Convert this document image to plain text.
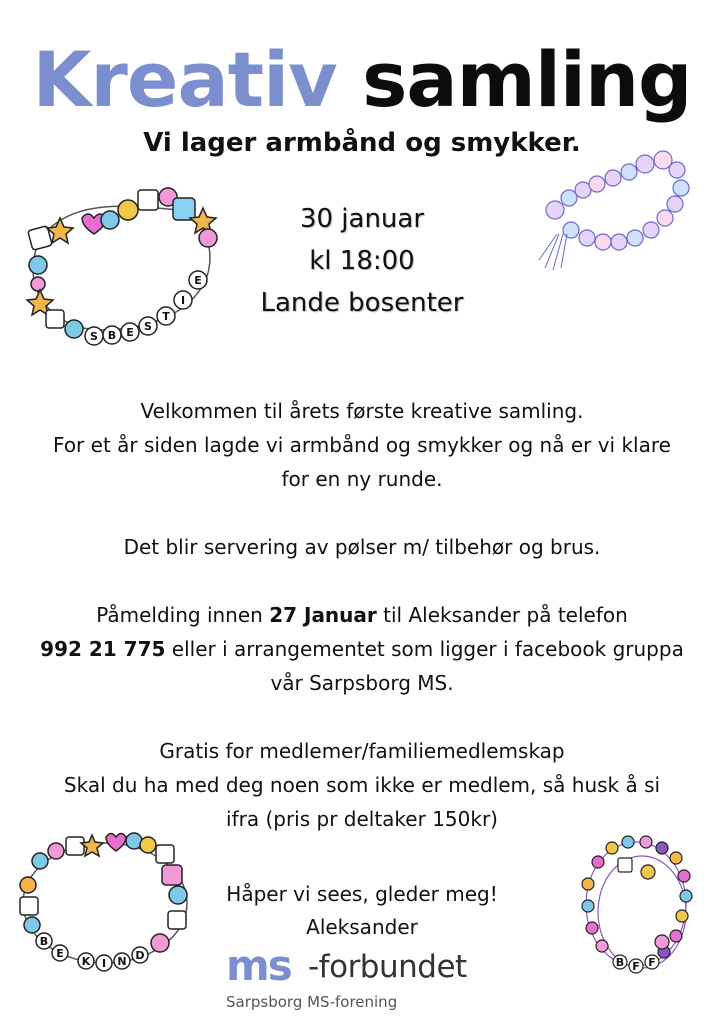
Kreativ samling
Vi lager armbånd og smykker.
30 januar
kl 18:00
Lande bosenter
B E S
T
I
E
S

Velkommen til årets første kreative samling.

For et år siden lagde vi armbånd og smykker og nå er vi klare

for en ny runde.

Det blir servering av pølser m/ tilbehør og brus.

Påmelding innen 27 Januar til Aleksander på telefon

992 21 775 eller i arrangementet som ligger i facebook gruppa

vår Sarpsborg MS.

Gratis for medlemer/familiemedlemskap

Skal du ha med deg noen som ikke er medlem, så husk å si

ifra (pris pr deltaker 150kr)

B
E
K I N D
B F F
Håper vi sees, gleder meg!
Aleksander
ms -forbundet
Sarpsborg MS-forening
